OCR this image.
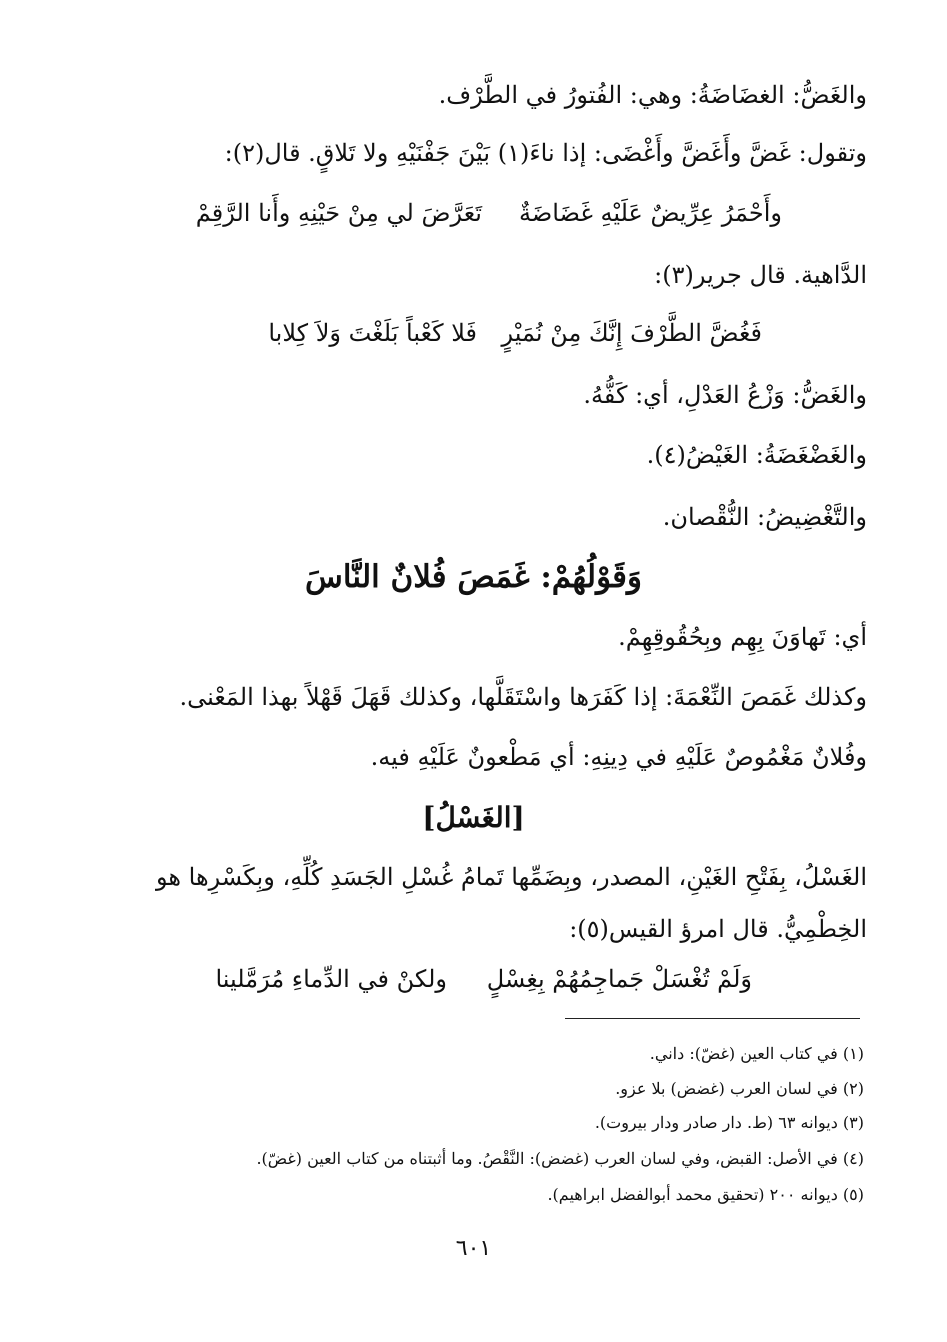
والغَضُّ: الغضَاضَةُ: وهي: الفُتورُ في الطَّرْف.
وتقول: غَضَّ وأَغَضَّ وأَغْضَى: إذا ناءَ(١) بَيْنَ جَفْنَيْهِ ولا تَلاقٍ. قال(٢):
وأَحْمَرُ عِرِّيضٌ عَلَيْهِ غَضَاضَةٌ
تَعَرَّضَ لي مِنْ حَيْنِهِ وأَنا الرَّقِمْ
الدَّاهية. قال جرير(٣):
فَغُضَّ الطَّرْفَ إِنَّكَ مِنْ نُمَيْرٍ
فَلا كَعْباً بَلَغْتَ وَلاَ كِلابا
والغَضُّ: وَزْعُ العَدْلِ، أي: كَفُّهُ.
والغَضْغَضَةُ: الغَيْضُ(٤).
والتَّغْضِيضُ: النُّقْصان.
وَقَوْلُهُمْ: غَمَصَ فُلانٌ النَّاسَ
أي: تَهاوَنَ بِهِم وبِحُقُوقِهِمْ.
وكذلك غَمَصَ النِّعْمَةَ: إذا كَفَرَها واسْتَقَلَّها، وكذلك قَهَلَ قَهْلاً بهذا المَعْنى.
وفُلانٌ مَغْمُوصٌ عَلَيْهِ في دِينِهِ: أي مَطْعونٌ عَلَيْهِ فيه.
[الغَسْلُ]
الغَسْلُ، بِفَتْحِ الغَيْنِ، المصدر، وبِضَمِّها تَمامُ غُسْلِ الجَسَدِ كُلِّهِ، وبِكَسْرِها هو
الخِطْمِيُّ. قال امرؤ القيس(٥):
وَلَمْ تُغْسَلْ جَماجِمُهُمْ بِغِسْلٍ
ولكنْ في الدِّماءِ مُرَمَّلينا
(١) في كتاب العين (غضّ): داني.
(٢) في لسان العرب (غضض) بلا عزو.
(٣) ديوانه ٦٣ (ط. دار صادر ودار بيروت).
(٤) في الأصل: القبض، وفي لسان العرب (غضض): النَّقْصُ. وما أثبتناه من كتاب العين (غضّ).
(٥) ديوانه ٢٠٠ (تحقيق محمد أبوالفضل ابراهيم).
٦٠١
